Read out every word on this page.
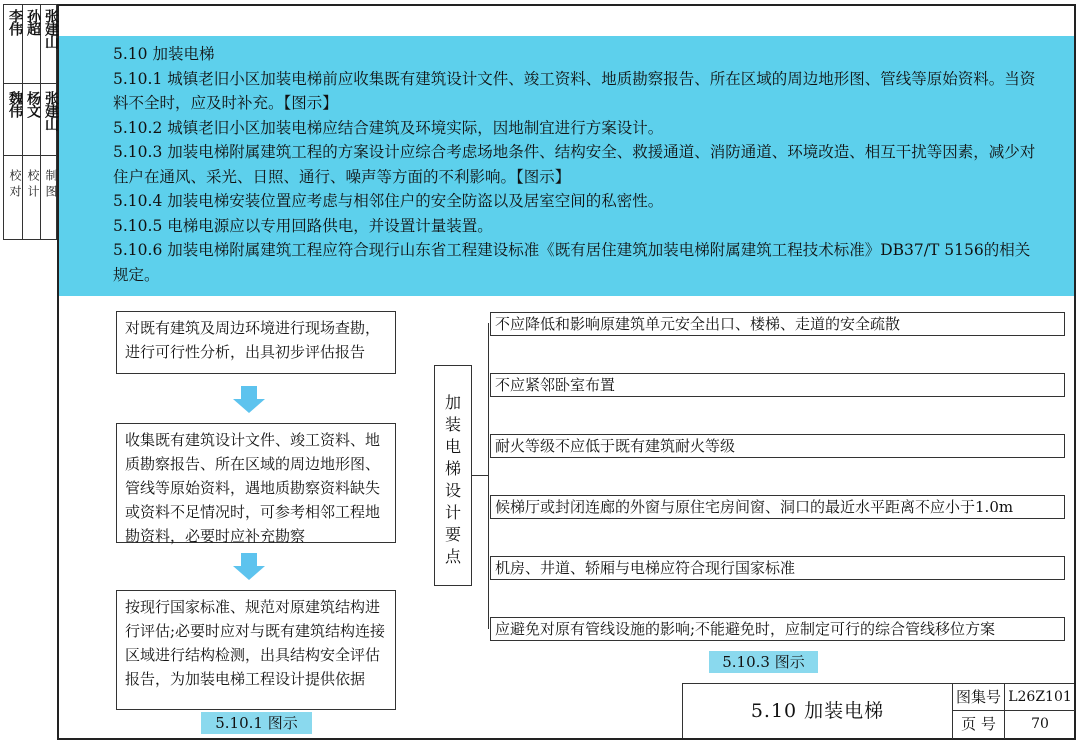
李伟 孙超 张建山
魏伟 杨文 张建山
校 对 校 计 制 图

5.10 加装电梯

5.10.1 城镇老旧小区加装电梯前应收集既有建筑设计文件、竣工资料、地质勘察报告、所在区域的周边地形图、管线等原始资料。当资料不全时，应及时补充。【图示】

5.10.2 城镇老旧小区加装电梯应结合建筑及环境实际，因地制宜进行方案设计。

5.10.3 加装电梯附属建筑工程的方案设计应综合考虑场地条件、结构安全、救援通道、消防通道、环境改造、相互干扰等因素，减少对住户在通风、采光、日照、通行、噪声等方面的不利影响。【图示】

5.10.4 加装电梯安装位置应考虑与相邻住户的安全防盗以及居室空间的私密性。

5.10.5 电梯电源应以专用回路供电，并设置计量装置。

5.10.6 加装电梯附属建筑工程应符合现行山东省工程建设标准《既有居住建筑加装电梯附属建筑工程技术标准》DB37/T 5156的相关规定。

对既有建筑及周边环境进行现场查勘，进行可行性分析，出具初步评估报告
收集既有建筑设计文件、竣工资料、地质勘察报告、所在区域的周边地形图、管线等原始资料，遇地质勘察资料缺失或资料不足情况时，可参考相邻工程地勘资料，必要时应补充勘察
按现行国家标准、规范对原建筑结构进行评估;必要时应对与既有建筑结构连接区域进行结构检测，出具结构安全评估报告，为加装电梯工程设计提供依据
5.10.1 图示
加
装
电
梯
设
计
要
点
不应降低和影响原建筑单元安全出口、楼梯、走道的安全疏散
不应紧邻卧室布置
耐火等级不应低于既有建筑耐火等级
候梯厅或封闭连廊的外窗与原住宅房间窗、洞口的最近水平距离不应小于1.0m
机房、井道、轿厢与电梯应符合现行国家标准
应避免对原有管线设施的影响;不能避免时，应制定可行的综合管线移位方案
5.10.3 图示
5.10 加装电梯
图集号 L26Z101
页 号	70
